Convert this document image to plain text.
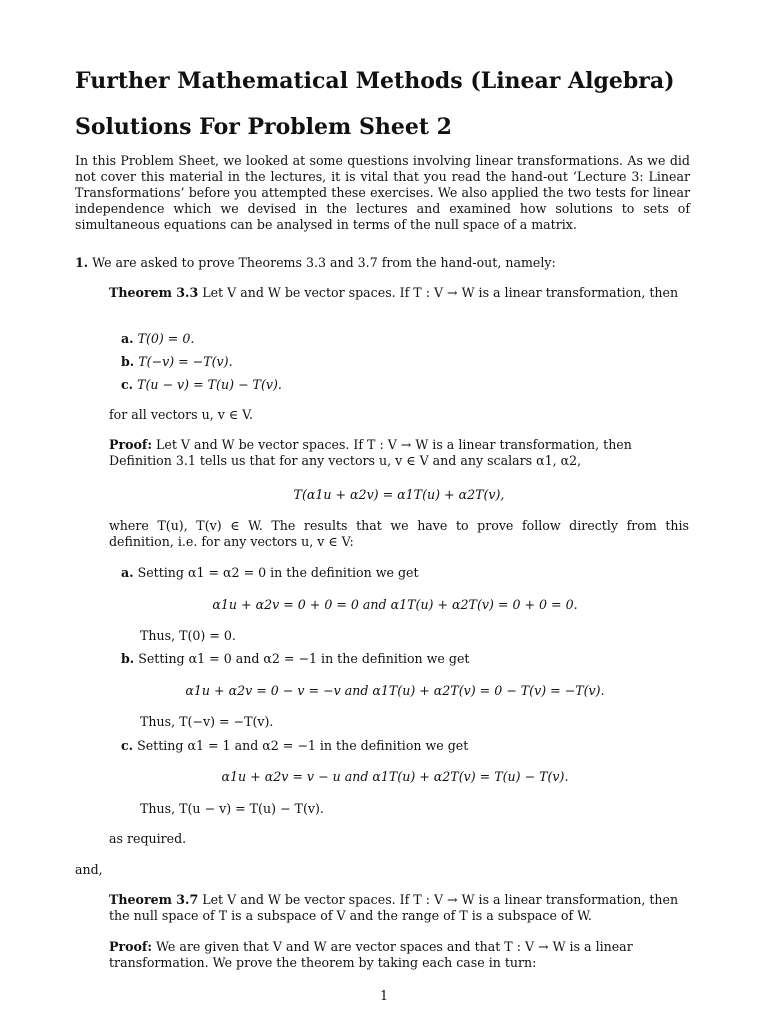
Further Mathematical Methods (Linear Algebra)
Solutions For Problem Sheet 2
In this Problem Sheet, we looked at some questions involving linear transformations. As we did not cover this material in the lectures, it is vital that you read the hand-out ‘Lecture 3: Linear Transformations’ before you attempted these exercises. We also applied the two tests for linear independence which we devised in the lectures and examined how solutions to sets of simultaneous equations can be analysed in terms of the null space of a matrix.
1. We are asked to prove Theorems 3.3 and 3.7 from the hand-out, namely:
Theorem 3.3 Let V and W be vector spaces. If T : V → W is a linear transformation, then
a. T(0) = 0.
b. T(−v) = −T(v).
c. T(u − v) = T(u) − T(v).
for all vectors u, v ∈ V.
Proof: Let V and W be vector spaces. If T : V → W is a linear transformation, then Definition 3.1 tells us that for any vectors u, v ∈ V and any scalars α1, α2,
T(α1u + α2v) = α1T(u) + α2T(v),
where T(u), T(v) ∈ W. The results that we have to prove follow directly from this definition, i.e. for any vectors u, v ∈ V:
a. Setting α1 = α2 = 0 in the definition we get
α1u + α2v = 0 + 0 = 0 and α1T(u) + α2T(v) = 0 + 0 = 0.
Thus, T(0) = 0.
b. Setting α1 = 0 and α2 = −1 in the definition we get
α1u + α2v = 0 − v = −v and α1T(u) + α2T(v) = 0 − T(v) = −T(v).
Thus, T(−v) = −T(v).
c. Setting α1 = 1 and α2 = −1 in the definition we get
α1u + α2v = v − u and α1T(u) + α2T(v) = T(u) − T(v).
Thus, T(u − v) = T(u) − T(v).
as required.
and,
Theorem 3.7 Let V and W be vector spaces. If T : V → W is a linear transformation, then the null space of T is a subspace of V and the range of T is a subspace of W.
Proof: We are given that V and W are vector spaces and that T : V → W is a linear transformation. We prove the theorem by taking each case in turn:
1
